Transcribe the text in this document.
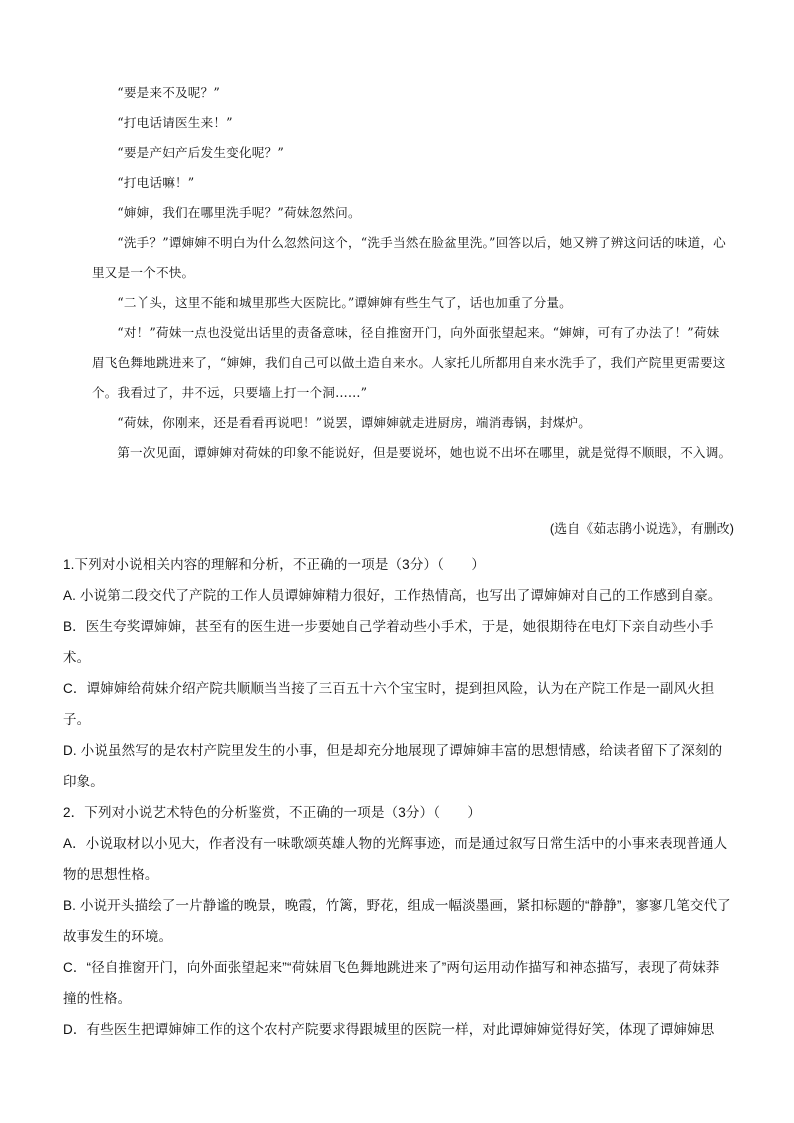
“要是来不及呢？”

“打电话请医生来！”

“要是产妇产后发生变化呢？”

“打电话嘛！”

“婶婶，我们在哪里洗手呢？”荷妹忽然问。

“洗手？”谭婶婶不明白为什么忽然问这个，“洗手当然在脸盆里洗。”回答以后，她又辨了辨这问话的味道，心里又是一个不快。

“二丫头，这里不能和城里那些大医院比。”谭婶婶有些生气了，话也加重了分量。

“对！”荷妹一点也没觉出话里的责备意味，径自推窗开门，向外面张望起来。“婶婶，可有了办法了！”荷妹眉飞色舞地跳进来了，“婶婶，我们自己可以做土造自来水。人家托儿所都用自来水洗手了，我们产院里更需要这个。我看过了，井不远，只要墙上打一个洞……”

“荷妹，你刚来，还是看看再说吧！”说罢，谭婶婶就走进厨房，端消毒锅，封煤炉。

第一次见面，谭婶婶对荷妹的印象不能说好，但是要说坏，她也说不出坏在哪里，就是觉得不顺眼，不入调。

(选自《茹志鹃小说选》，有删改)

1.下列对小说相关内容的理解和分析，不正确的一项是（3分）（　　）

A. 小说第二段交代了产院的工作人员谭婶婶精力很好，工作热情高，也写出了谭婶婶对自己的工作感到自豪。

B．医生夸奖谭婶婶，甚至有的医生进一步要她自己学着动些小手术，于是，她很期待在电灯下亲自动些小手术。

C．谭婶婶给荷妹介绍产院共顺顺当当接了三百五十六个宝宝时，提到担风险，认为在产院工作是一副风火担子。

D. 小说虽然写的是农村产院里发生的小事，但是却充分地展现了谭婶婶丰富的思想情感，给读者留下了深刻的印象。

2．下列对小说艺术特色的分析鉴赏，不正确的一项是（3分）（　　）

A．小说取材以小见大，作者没有一味歌颂英雄人物的光辉事迹，而是通过叙写日常生活中的小事来表现普通人物的思想性格。

B. 小说开头描绘了一片静谧的晚景，晚霞，竹篱，野花，组成一幅淡墨画，紧扣标题的“静静”，寥寥几笔交代了故事发生的环境。

C．“径自推窗开门，向外面张望起来”“荷妹眉飞色舞地跳进来了”两句运用动作描写和神态描写，表现了荷妹莽撞的性格。

D．有些医生把谭婶婶工作的这个农村产院要求得跟城里的医院一样，对此谭婶婶觉得好笑，体现了谭婶婶思
